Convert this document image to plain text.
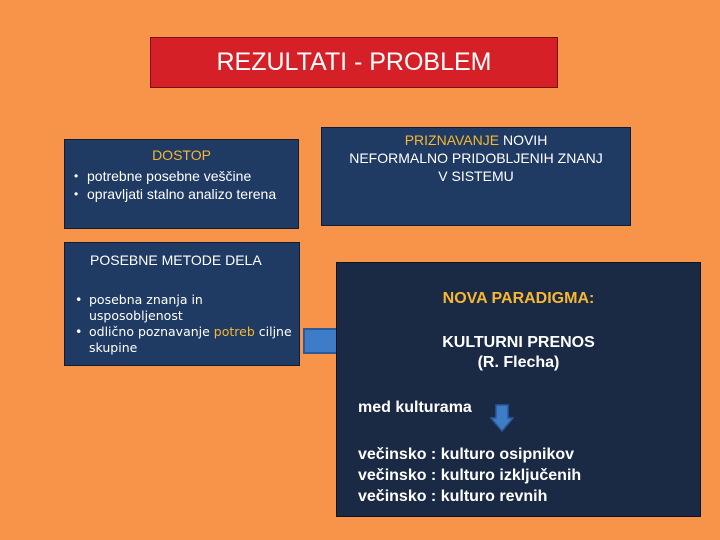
REZULTATI - PROBLEM
DOSTOP
• potrebne posebne veščine
• opravljati stalno analizo terena
PRIZNAVANJE NOVIH
NEFORMALNO PRIDOBLJENIH ZNANJ
V SISTEMU
POSEBNE METODE DELA
• posebna znanja in usposobljenost
• odlično poznavanje potreb ciljne skupine
NOVA PARADIGMA:
KULTURNI PRENOS
(R. Flecha)
med kulturama
večinsko : kulturo osipnikov
večinsko : kulturo izključenih
večinsko : kulturo revnih
